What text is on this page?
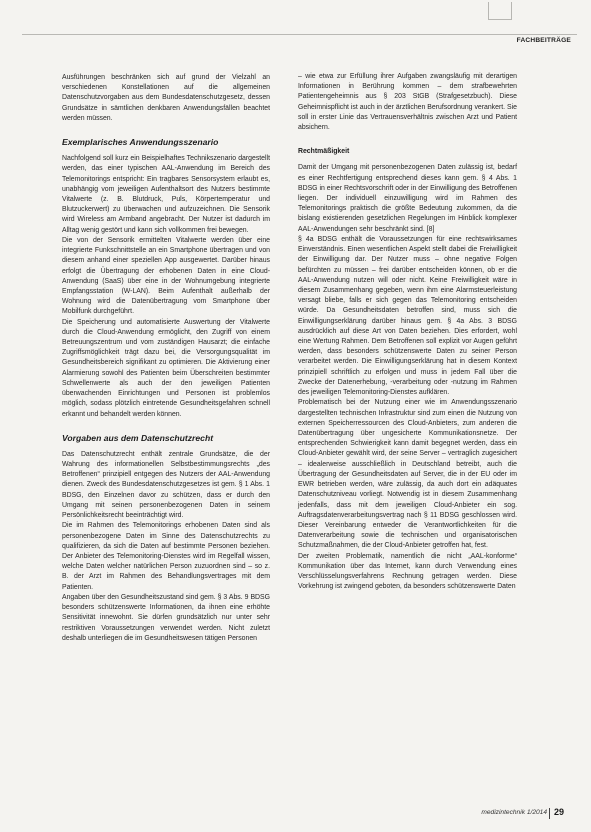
FACHBEITRÄGE

Ausführungen beschränken sich auf grund der Vielzahl an verschiedenen Konstellationen auf die allgemeinen Datenschutzvorgaben aus dem Bundesdatenschutzgesetz, dessen Grundsätze in sämtlichen denkbaren Anwendungsfällen beachtet werden müssen.

Exemplarisches Anwendungsszenario

Nachfolgend soll kurz ein Beispielhaftes Technikszenario dargestellt werden, das einer typischen AAL-Anwendung im Bereich des Telemonitorings entspricht: Ein tragbares Sensorsystem erlaubt es, unabhängig vom jeweiligen Aufenthaltsort des Nutzers bestimmte Vitalwerte (z. B. Blutdruck, Puls, Körpertemperatur und Blutzuckerwert) zu überwachen und aufzuzeichnen. Die Sensorik wird Wireless am Armband angebracht. Der Nutzer ist dadurch im Alltag wenig gestört und kann sich vollkommen frei bewegen.

Die von der Sensorik ermittelten Vitalwerte werden über eine integrierte Funkschnittstelle an ein Smartphone übertragen und von diesem anhand einer speziellen App ausgewertet. Darüber hinaus erfolgt die Übertragung der erhobenen Daten in eine Cloud-Anwendung (SaaS) über eine in der Wohnumgebung integrierte Empfangsstation (W-LAN). Beim Aufenthalt außerhalb der Wohnung wird die Datenübertragung vom Smartphone über Mobilfunk durchgeführt.

Die Speicherung und automatisierte Auswertung der Vitalwerte durch die Cloud-Anwendung ermöglicht, den Zugriff von einem Betreuungszentrum und vom zuständigen Hausarzt; die einfache Zugriffsmöglichkeit trägt dazu bei, die Versorgungsqualität im Gesundheitsbereich signifikant zu optimieren. Die Aktivierung einer Alarmierung sowohl des Patienten beim Überschreiten bestimmter Schwellenwerte als auch der den jeweiligen Patienten überwachenden Einrichtungen und Personen ist problemlos möglich, sodass plötzlich eintretende Gesundheitsgefahren schnell erkannt und behandelt werden können.

Vorgaben aus dem Datenschutzrecht

Das Datenschutzrecht enthält zentrale Grundsätze, die der Wahrung des informationellen Selbstbestimmungsrechts „des Betroffenen“ prinzipiell entgegen des Nutzers der AAL-Anwendung dienen. Zweck des Bundesdatenschutzgesetzes ist gem. § 1 Abs. 1 BDSG, den Einzelnen davor zu schützen, dass er durch den Umgang mit seinen personenbezogenen Daten in seinem Persönlichkeitsrecht beeinträchtigt wird.

Die im Rahmen des Telemonitorings erhobenen Daten sind als personenbezogene Daten im Sinne des Datenschutzrechts zu qualifizieren, da sich die Daten auf bestimmte Personen beziehen. Der Anbieter des Telemonitoring-Dienstes wird im Regelfall wissen, welche Daten welcher natürlichen Person zuzuordnen sind – so z. B. der Arzt im Rahmen des Behandlungsvertrages mit dem Patienten.

Angaben über den Gesundheitszustand sind gem. § 3 Abs. 9 BDSG besonders schützenswerte Informationen, da ihnen eine erhöhte Sensitivität innewohnt. Sie dürfen grundsätzlich nur unter sehr restriktiven Voraussetzungen verwendet werden. Nicht zuletzt deshalb unterliegen die im Gesundheitswesen tätigen Personen

– wie etwa zur Erfüllung ihrer Aufgaben zwangsläufig mit derartigen Informationen in Berührung kommen – dem strafbewehrten Patientengeheimnis aus § 203 StGB (Strafgesetzbuch). Diese Geheimnispflicht ist auch in der ärztlichen Berufsordnung verankert. Sie soll in erster Linie das Vertrauensverhältnis zwischen Arzt und Patient absichern.

Rechtmäßigkeit

Damit der Umgang mit personenbezogenen Daten zulässig ist, bedarf es einer Rechtfertigung entsprechend dieses kann gem. § 4 Abs. 1 BDSG in einer Rechtsvorschrift oder in der Einwilligung des Betroffenen liegen. Der individuell einzuwilligung wird im Rahmen des Telemonitorings praktisch die größte Bedeutung zukommen, da die bislang existierenden gesetzlichen Regelungen im Hinblick komplexer AAL-Anwendungen sehr beschränkt sind. [8]

§ 4a BDSG enthält die Voraussetzungen für eine rechtswirksames Einverständnis. Einen wesentlichen Aspekt stellt dabei die Freiwilligkeit der Einwilligung dar. Der Nutzer muss – ohne negative Folgen befürchten zu müssen – frei darüber entscheiden können, ob er die AAL-Anwendung nutzen will oder nicht. Keine Freiwilligkeit wäre in diesem Zusammenhang gegeben, wenn ihm eine Alarmsteuerleistung versagt bliebe, falls er sich gegen das Telemonitoring entscheiden würde. Da Gesundheitsdaten betroffen sind, muss sich die Einwilligungserklärung darüber hinaus gem. § 4a Abs. 3 BDSG ausdrücklich auf diese Art von Daten beziehen. Dies erfordert, wohl eine Wertung Rahmen. Dem Betroffenen soll explizit vor Augen geführt werden, dass besonders schützenswerte Daten zu seiner Person verarbeitet werden. Die Einwilligungserklärung hat in diesem Kontext prinzipiell schriftlich zu erfolgen und muss in jedem Fall über die Zwecke der Datenerhebung, -verarbeitung oder -nutzung im Rahmen des jeweiligen Telemonitoring-Dienstes aufklären.

Problematisch bei der Nutzung einer wie im Anwendungsszenario dargestellten technischen Infrastruktur sind zum einen die Nutzung von externen Speicherressourcen des Cloud-Anbieters, zum anderen die Datenübertragung über ungesicherte Kommunikationsnetze. Der entsprechenden Schwierigkeit kann damit begegnet werden, dass ein Cloud-Anbieter gewählt wird, der seine Server – vertraglich zugesichert – idealerweise ausschließlich in Deutschland betreibt, auch die Übertragung der Gesundheitsdaten auf Server, die in der EU oder im EWR betrieben werden, wäre zulässig, da auch dort ein adäquates Datenschutzniveau vorliegt. Notwendig ist in diesem Zusammenhang jedenfalls, dass mit dem jeweiligen Cloud-Anbieter ein sog. Auftragsdatenverarbeitungsvertrag nach § 11 BDSG geschlossen wird. Dieser Vereinbarung entweder die Verantwortlichkeiten für die Datenverarbeitung sowie die technischen und organisatorischen Schutzmaßnahmen, die der Cloud-Anbieter getroffen hat, fest.

Der zweiten Problematik, namentlich die nicht „AAL-konforme“ Kommunikation über das Internet, kann durch Verwendung eines Verschlüsselungsverfahrens Rechnung getragen werden. Diese Vorkehrung ist zwingend geboten, da besonders schützenswerte Daten

medizintechnik 1/2014 29
